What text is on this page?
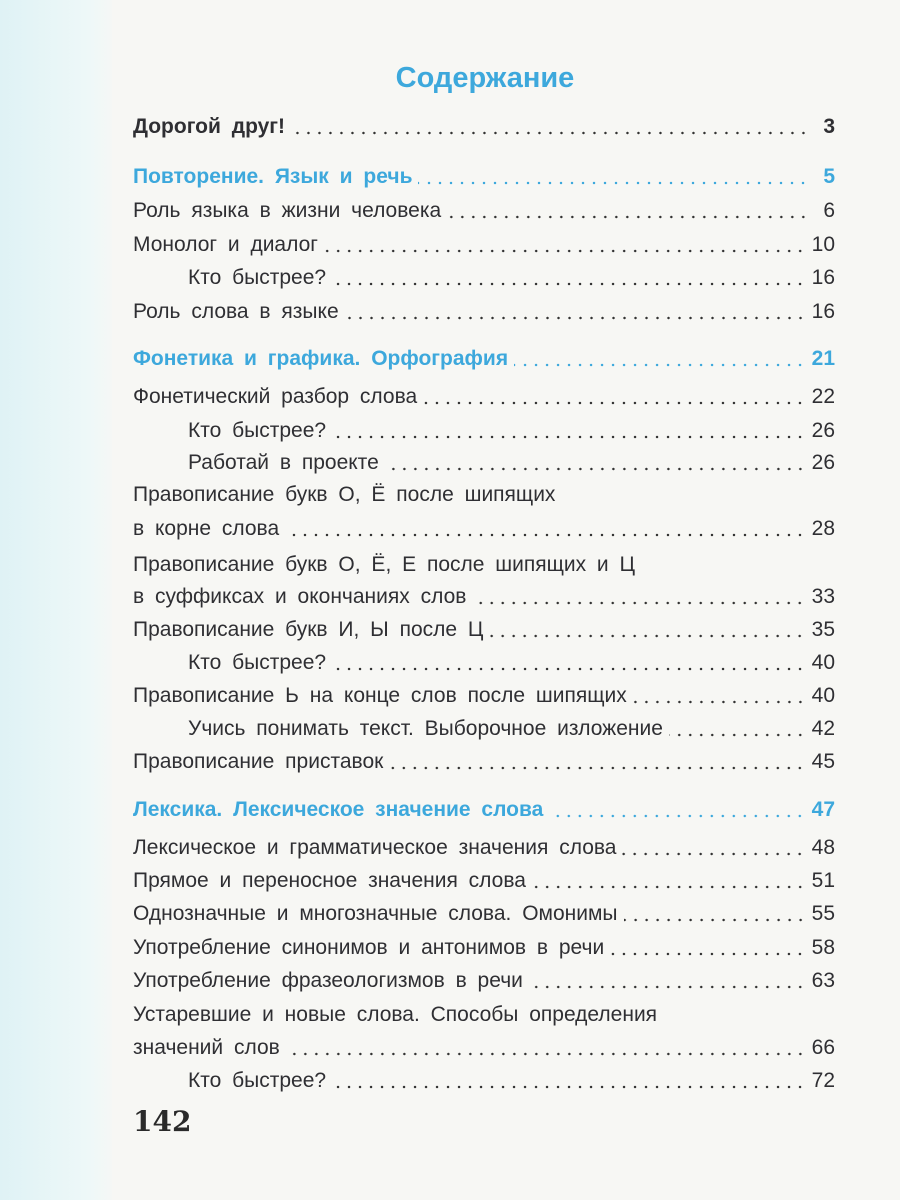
Содержание
Дорогой друг!	3
Повторение. Язык и речь	5
Роль языка в жизни человека	6
Монолог и диалог	10
Кто быстрее?	16
Роль слова в языке	16
Фонетика и графика. Орфография	21
Фонетический разбор слова	22
Кто быстрее?	26
Работай в проекте	26
Правописание букв О, Ё после шипящих
в корне слова	28
Правописание букв О, Ё, Е после шипящих и Ц
в суффиксах и окончаниях слов	33
Правописание букв И, Ы после Ц	35
Кто быстрее?	40
Правописание Ь на конце слов после шипящих	40
Учись понимать текст. Выборочное изложение	42
Правописание приставок	45
Лексика. Лексическое значение слова	47
Лексическое и грамматическое значения слова	48
Прямое и переносное значения слова	51
Однозначные и многозначные слова. Омонимы	55
Употребление синонимов и антонимов в речи	58
Употребление фразеологизмов в речи	63
Устаревшие и новые слова. Способы определения
значений слов	66
Кто быстрее?	72
142
